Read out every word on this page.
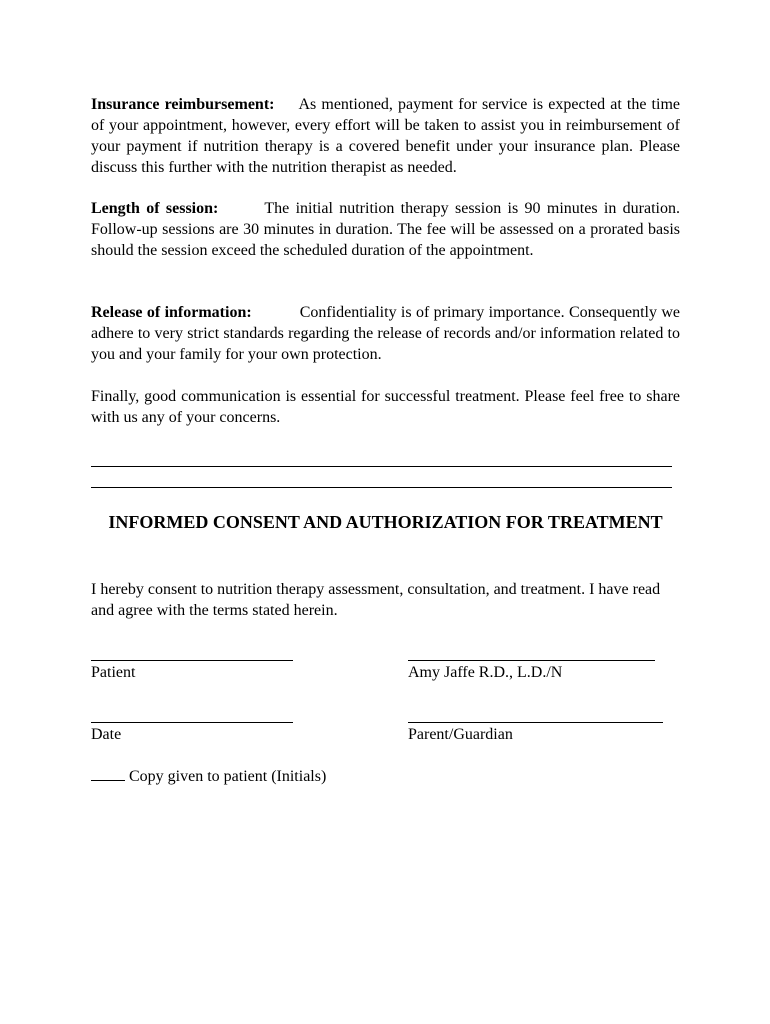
Insurance reimbursement: As mentioned, payment for service is expected at the time of your appointment, however, every effort will be taken to assist you in reimbursement of your payment if nutrition therapy is a covered benefit under your insurance plan. Please discuss this further with the nutrition therapist as needed.

Length of session:	The initial nutrition therapy session is 90 minutes in duration. Follow-up sessions are 30 minutes in duration. The fee will be assessed on a prorated basis should the session exceed the scheduled duration of the appointment.

Release of information:	Confidentiality is of primary importance. Consequently we adhere to very strict standards regarding the release of records and/or information related to you and your family for your own protection.

Finally, good communication is essential for successful treatment. Please feel free to share with us any of your concerns.

INFORMED CONSENT AND AUTHORIZATION FOR TREATMENT

I hereby consent to nutrition therapy assessment, consultation, and treatment. I have read and agree with the terms stated herein.

Patient	Amy Jaffe R.D., L.D./N
Date	Parent/Guardian
Copy given to patient (Initials)
